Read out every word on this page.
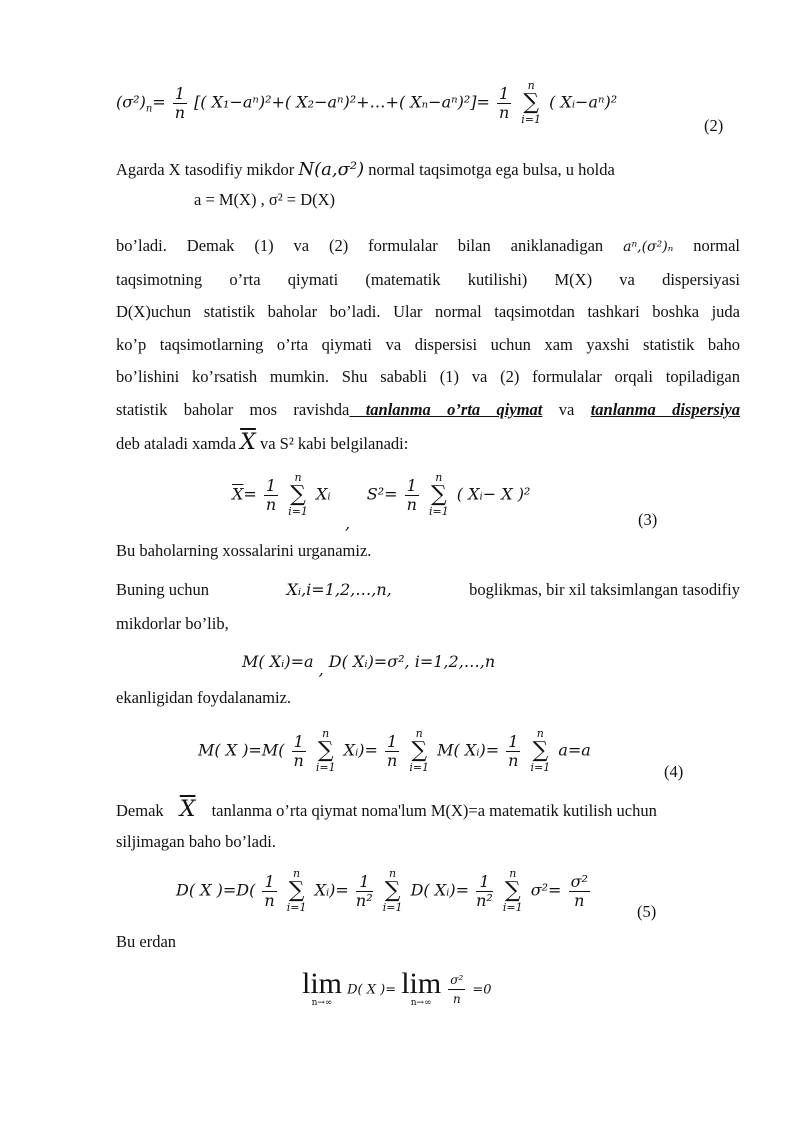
$(\sigma^2)_n= \frac{1}{n}$ [( X₁−aⁿ)²+( X₂−aⁿ)²+…+( $X_n-a^n)^2]= \frac{1}{n}$
	n
∑
i=1
( Xᵢ−aⁿ)²
(2)
Agarda X tasodifiy mikdor N(a,σ²) normal taqsimotga ega bulsa, u holda
a = M(X) , σ² = D(X)
bo’ladi. Demak (1) va (2) formulalar bilan aniklanadigan aⁿ,(σ²)ₙ normal
taqsimotning o’rta qiymati (matematik kutilishi) M(X) va dispersiyasi
D(X)uchun statistik baholar bo’ladi. Ular normal taqsimotdan tashkari boshka juda
ko’p taqsimotlarning o’rta qiymati va dispersisi uchun xam yaxshi statistik baho
bo’lishini ko’rsatish mumkin. Shu sababli (1) va (2) formulalar orqali topiladigan
statistik baholar mos ravishda tanlanma o’rta qiymat va tanlanma dispersiya
deb ataladi xamda $\overline{X}$ va S² kabi belgilanadi:
$\overline{X}= \frac{1}{n}$
	n
∑
i=1
Xᵢ $S^2= \frac{1}{n}$
	n
∑
i=1
( Xᵢ− X )²
,	(3)
Bu baholarning xossalarini urganamiz.
Buning uchun	Xᵢ,i=1,2,…,n,	boglikmas, bir xil taksimlangan tasodifiy
mikdorlar bo’lib,
M( Xᵢ)=a , D( Xᵢ)=σ², i=1,2,…,n
ekanligidan foydalanamiz.
M( X )$=M( \frac{1}{n}$
	n
∑
i=1
Xᵢ)= $\frac{1}{n}$
	n
∑
i=1
M( Xᵢ)= $\frac{1}{n}$
	n
∑
i=1
a=a
(4)
Demak $\overline{X}$ tanlanma o’rta qiymat noma'lum M(X)=a matematik kutilish uchun
siljimagan baho bo’ladi.
D( X )$=D( \frac{1}{n}$
	n
∑
i=1
Xᵢ)= $\frac{1}{\text{n²}}$
	n
∑
i=1
D( Xᵢ)= $\frac{1}{\text{n²}}$
	n
∑
i=1
$\sigma^2= \frac{\text{σ²}}{n}$
(5)
Bu erdan
lim
n→∞
D( X )= lim
n→∞
	$\frac{\text{σ²}}{n} =0$
